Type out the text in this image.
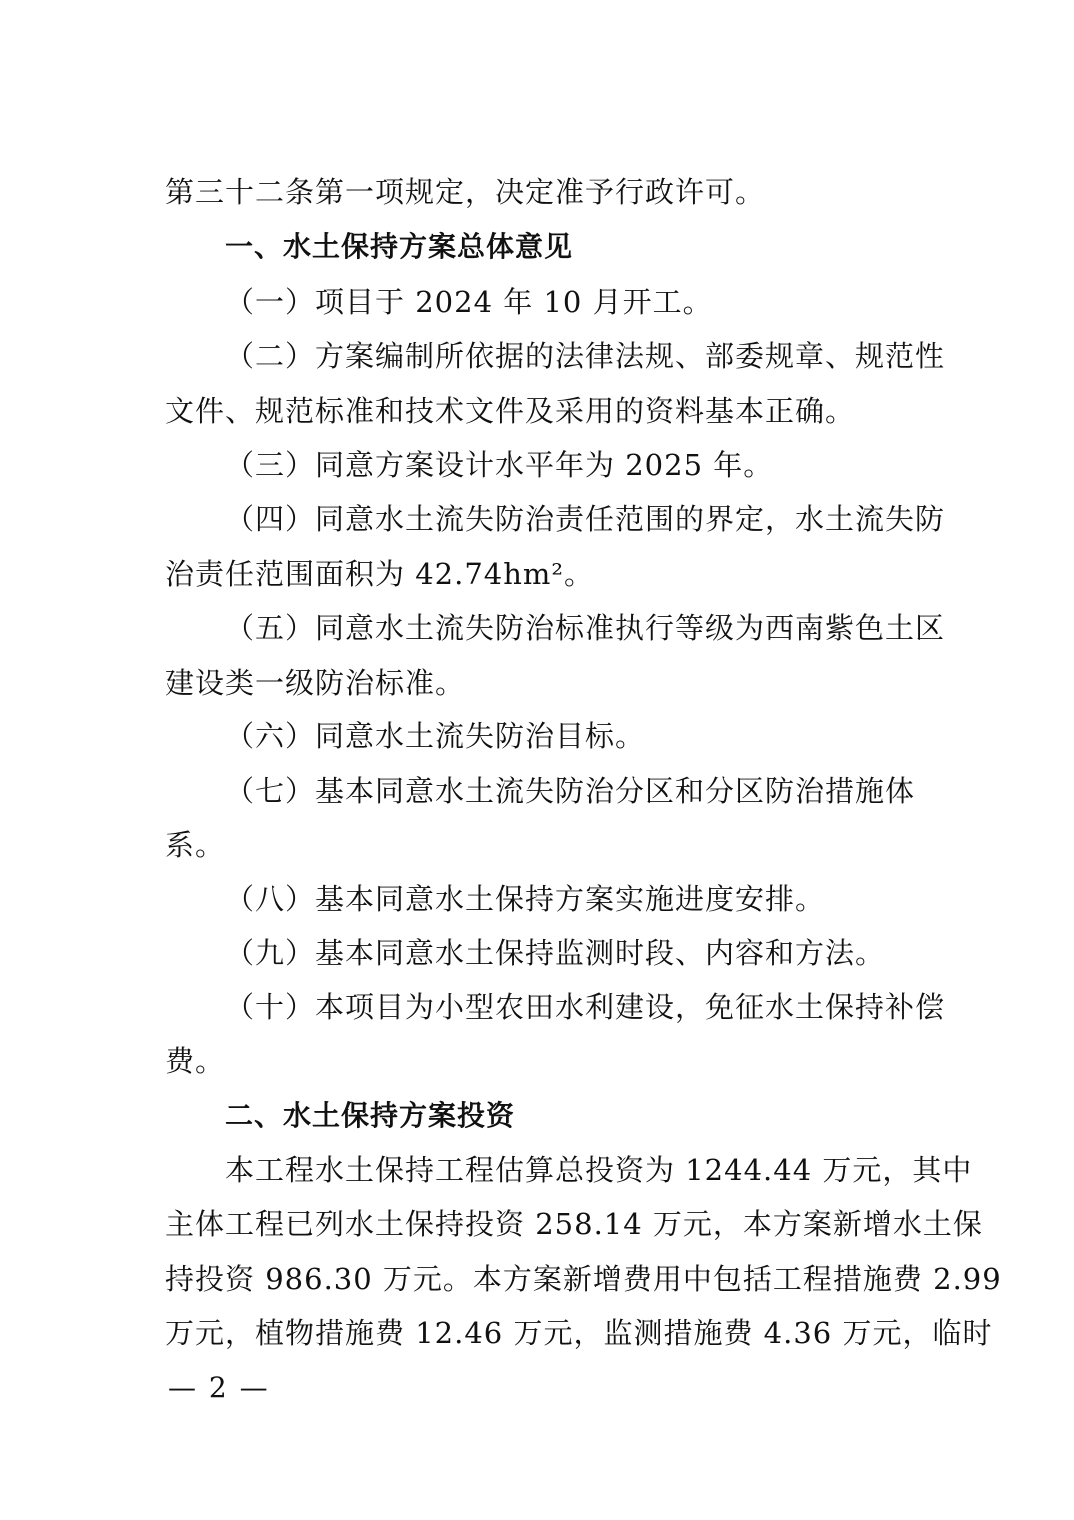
第三十二条第一项规定，决定准予行政许可。
一、水土保持方案总体意见
（一）项目于 2024 年 10 月开工。
（二）方案编制所依据的法律法规、部委规章、规范性
文件、规范标准和技术文件及采用的资料基本正确。
（三）同意方案设计水平年为 2025 年。
（四）同意水土流失防治责任范围的界定，水土流失防
治责任范围面积为 42.74hm²。
（五）同意水土流失防治标准执行等级为西南紫色土区
建设类一级防治标准。
（六）同意水土流失防治目标。
（七）基本同意水土流失防治分区和分区防治措施体
系。
（八）基本同意水土保持方案实施进度安排。
（九）基本同意水土保持监测时段、内容和方法。
（十）本项目为小型农田水利建设，免征水土保持补偿
费。
二、水土保持方案投资
本工程水土保持工程估算总投资为 1244.44 万元，其中
主体工程已列水土保持投资 258.14 万元，本方案新增水土保
持投资 986.30 万元。本方案新增费用中包括工程措施费 2.99
万元，植物措施费 12.46 万元，监测措施费 4.36 万元，临时
— 2 —
